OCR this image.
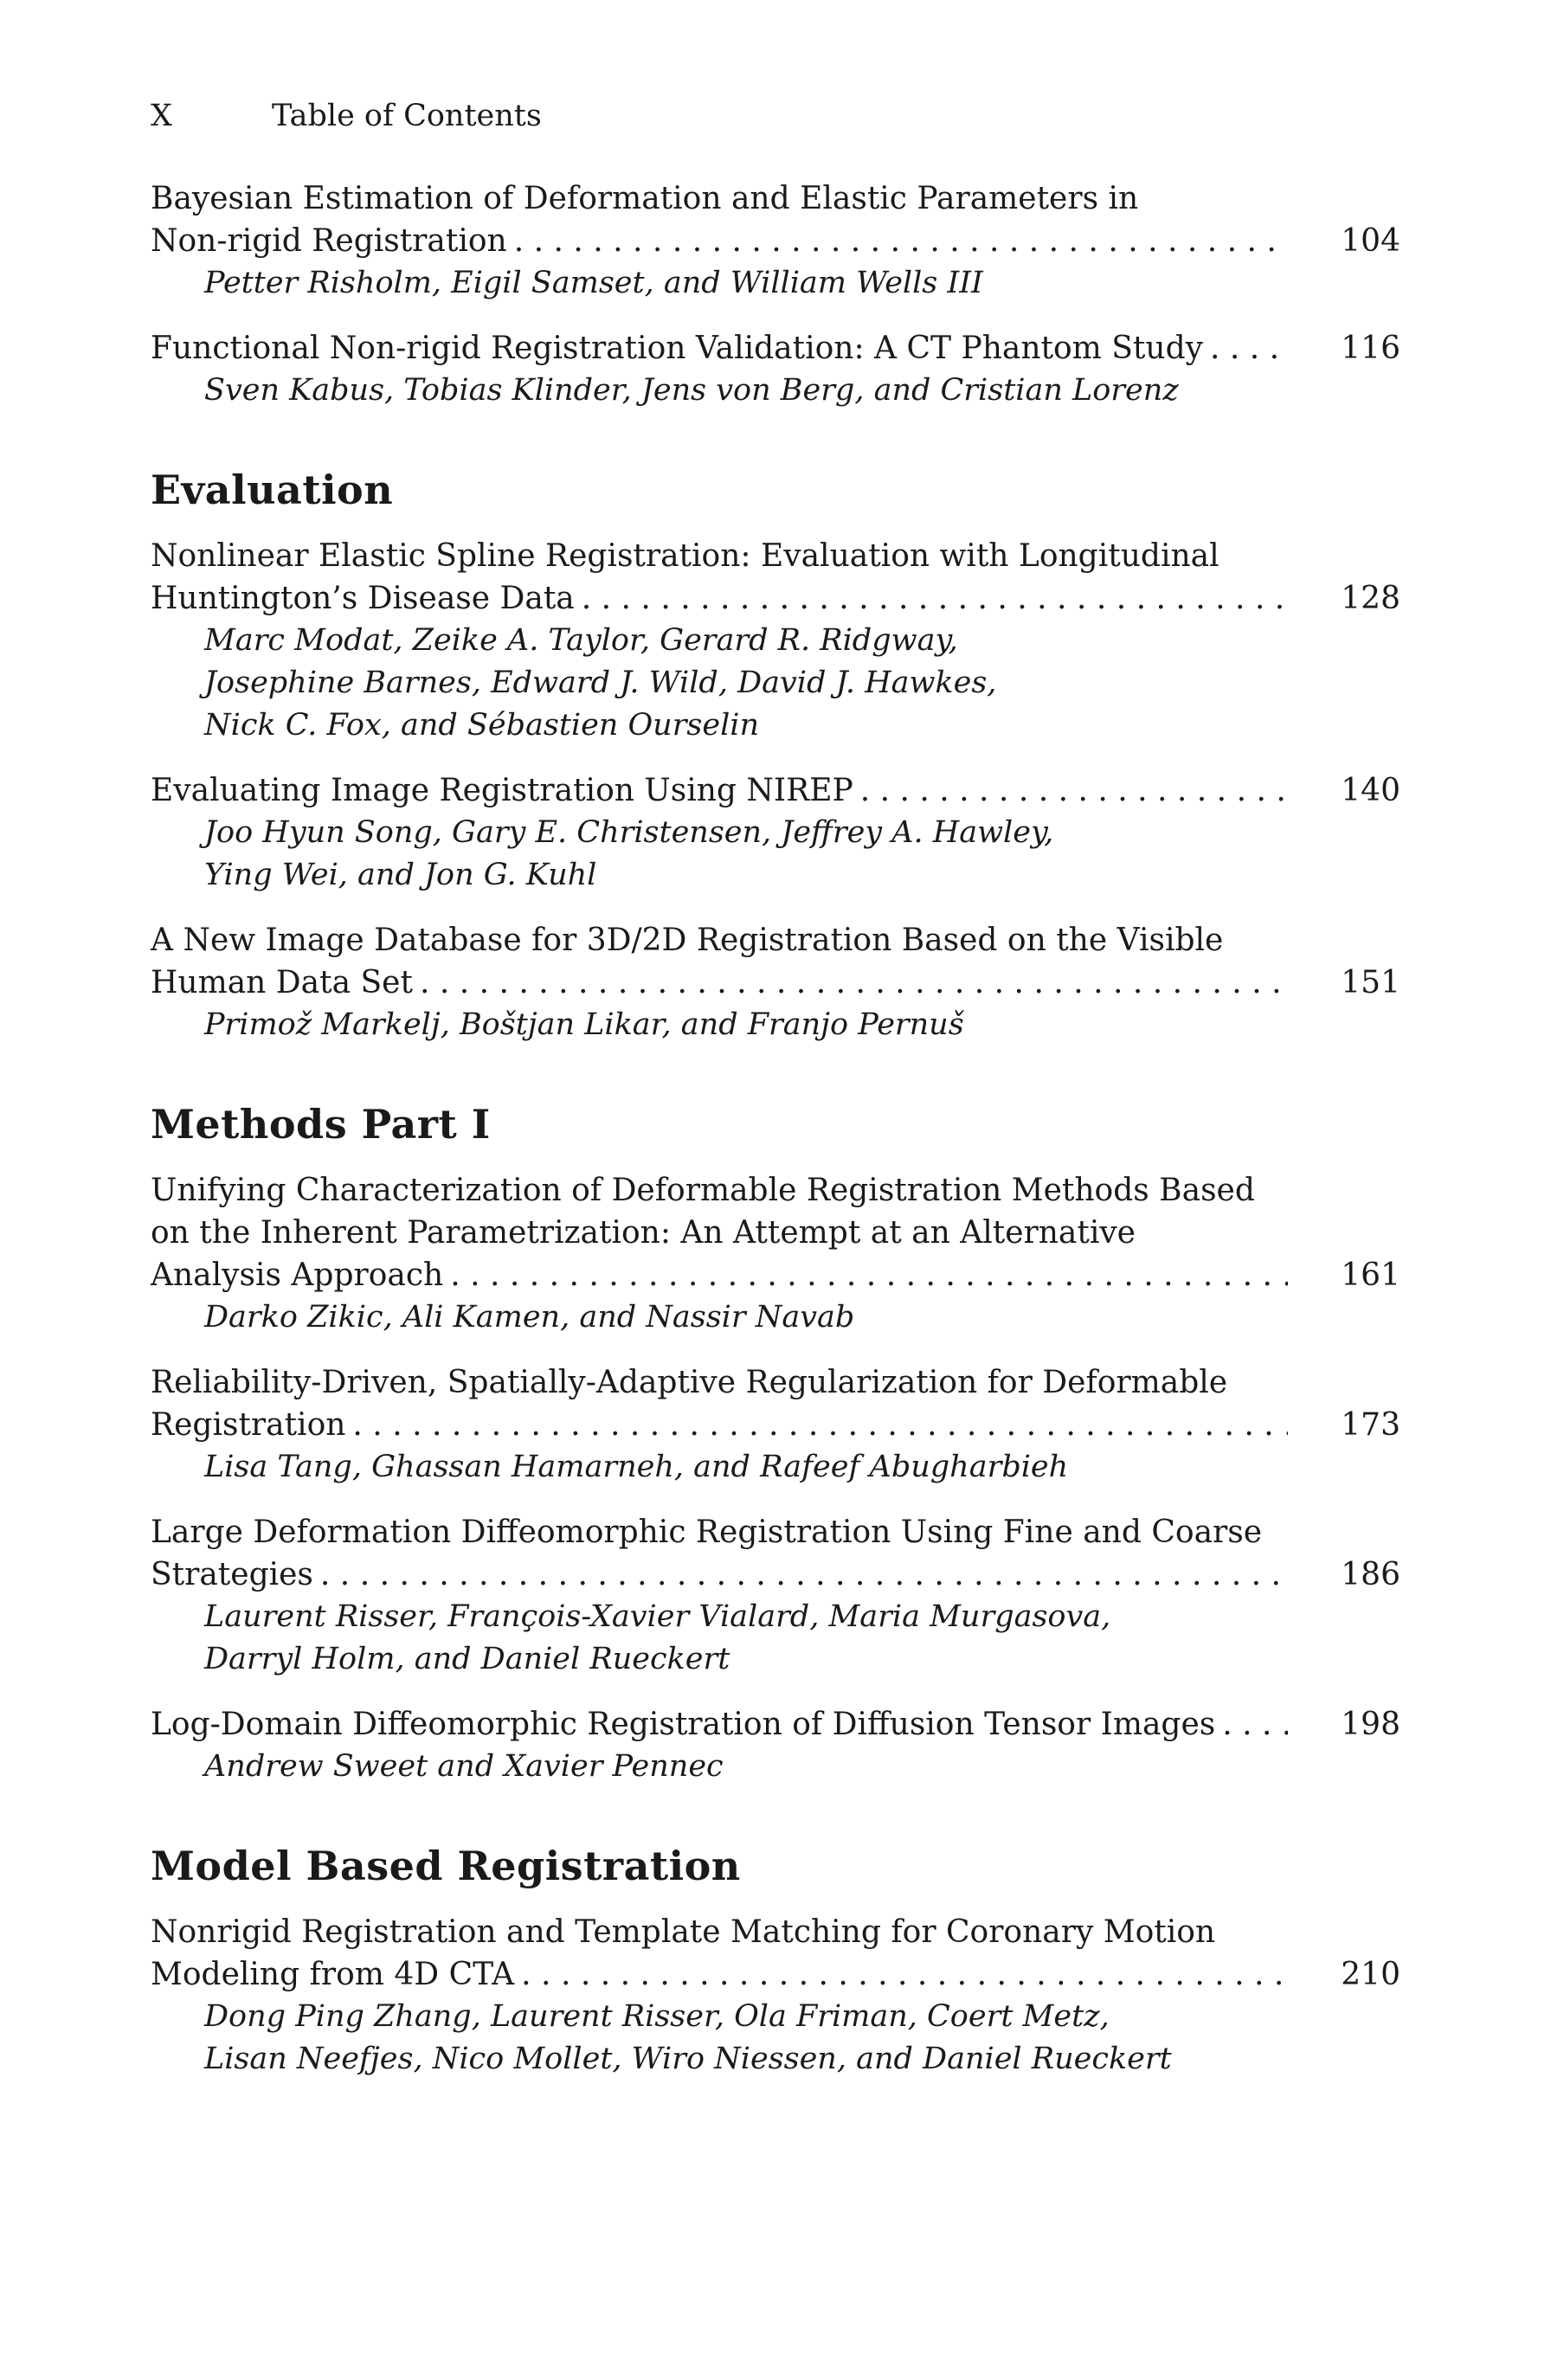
X	Table of Contents
Bayesian Estimation of Deformation and Elastic Parameters in
Non-rigid Registration . . .	104
Petter Risholm, Eigil Samset, and William Wells III
Functional Non-rigid Registration Validation: A CT Phantom Study . . .	116
Sven Kabus, Tobias Klinder, Jens von Berg, and Cristian Lorenz
Evaluation
Nonlinear Elastic Spline Registration: Evaluation with Longitudinal
Huntington’s Disease Data . . .	128
Marc Modat, Zeike A. Taylor, Gerard R. Ridgway,
Josephine Barnes, Edward J. Wild, David J. Hawkes,
Nick C. Fox, and Sébastien Ourselin
Evaluating Image Registration Using NIREP . . .	140
Joo Hyun Song, Gary E. Christensen, Jeffrey A. Hawley,
Ying Wei, and Jon G. Kuhl
A New Image Database for 3D/2D Registration Based on the Visible
Human Data Set . . .	151
Primož Markelj, Boštjan Likar, and Franjo Pernuš
Methods Part I
Unifying Characterization of Deformable Registration Methods Based
on the Inherent Parametrization: An Attempt at an Alternative
Analysis Approach . . .	161
Darko Zikic, Ali Kamen, and Nassir Navab
Reliability-Driven, Spatially-Adaptive Regularization for Deformable
Registration . . .	173
Lisa Tang, Ghassan Hamarneh, and Rafeef Abugharbieh
Large Deformation Diffeomorphic Registration Using Fine and Coarse
Strategies . . .	186
Laurent Risser, François-Xavier Vialard, Maria Murgasova,
Darryl Holm, and Daniel Rueckert
Log-Domain Diffeomorphic Registration of Diffusion Tensor Images . . .	198
Andrew Sweet and Xavier Pennec
Model Based Registration
Nonrigid Registration and Template Matching for Coronary Motion
Modeling from 4D CTA . . .	210
Dong Ping Zhang, Laurent Risser, Ola Friman, Coert Metz,
Lisan Neefjes, Nico Mollet, Wiro Niessen, and Daniel Rueckert
